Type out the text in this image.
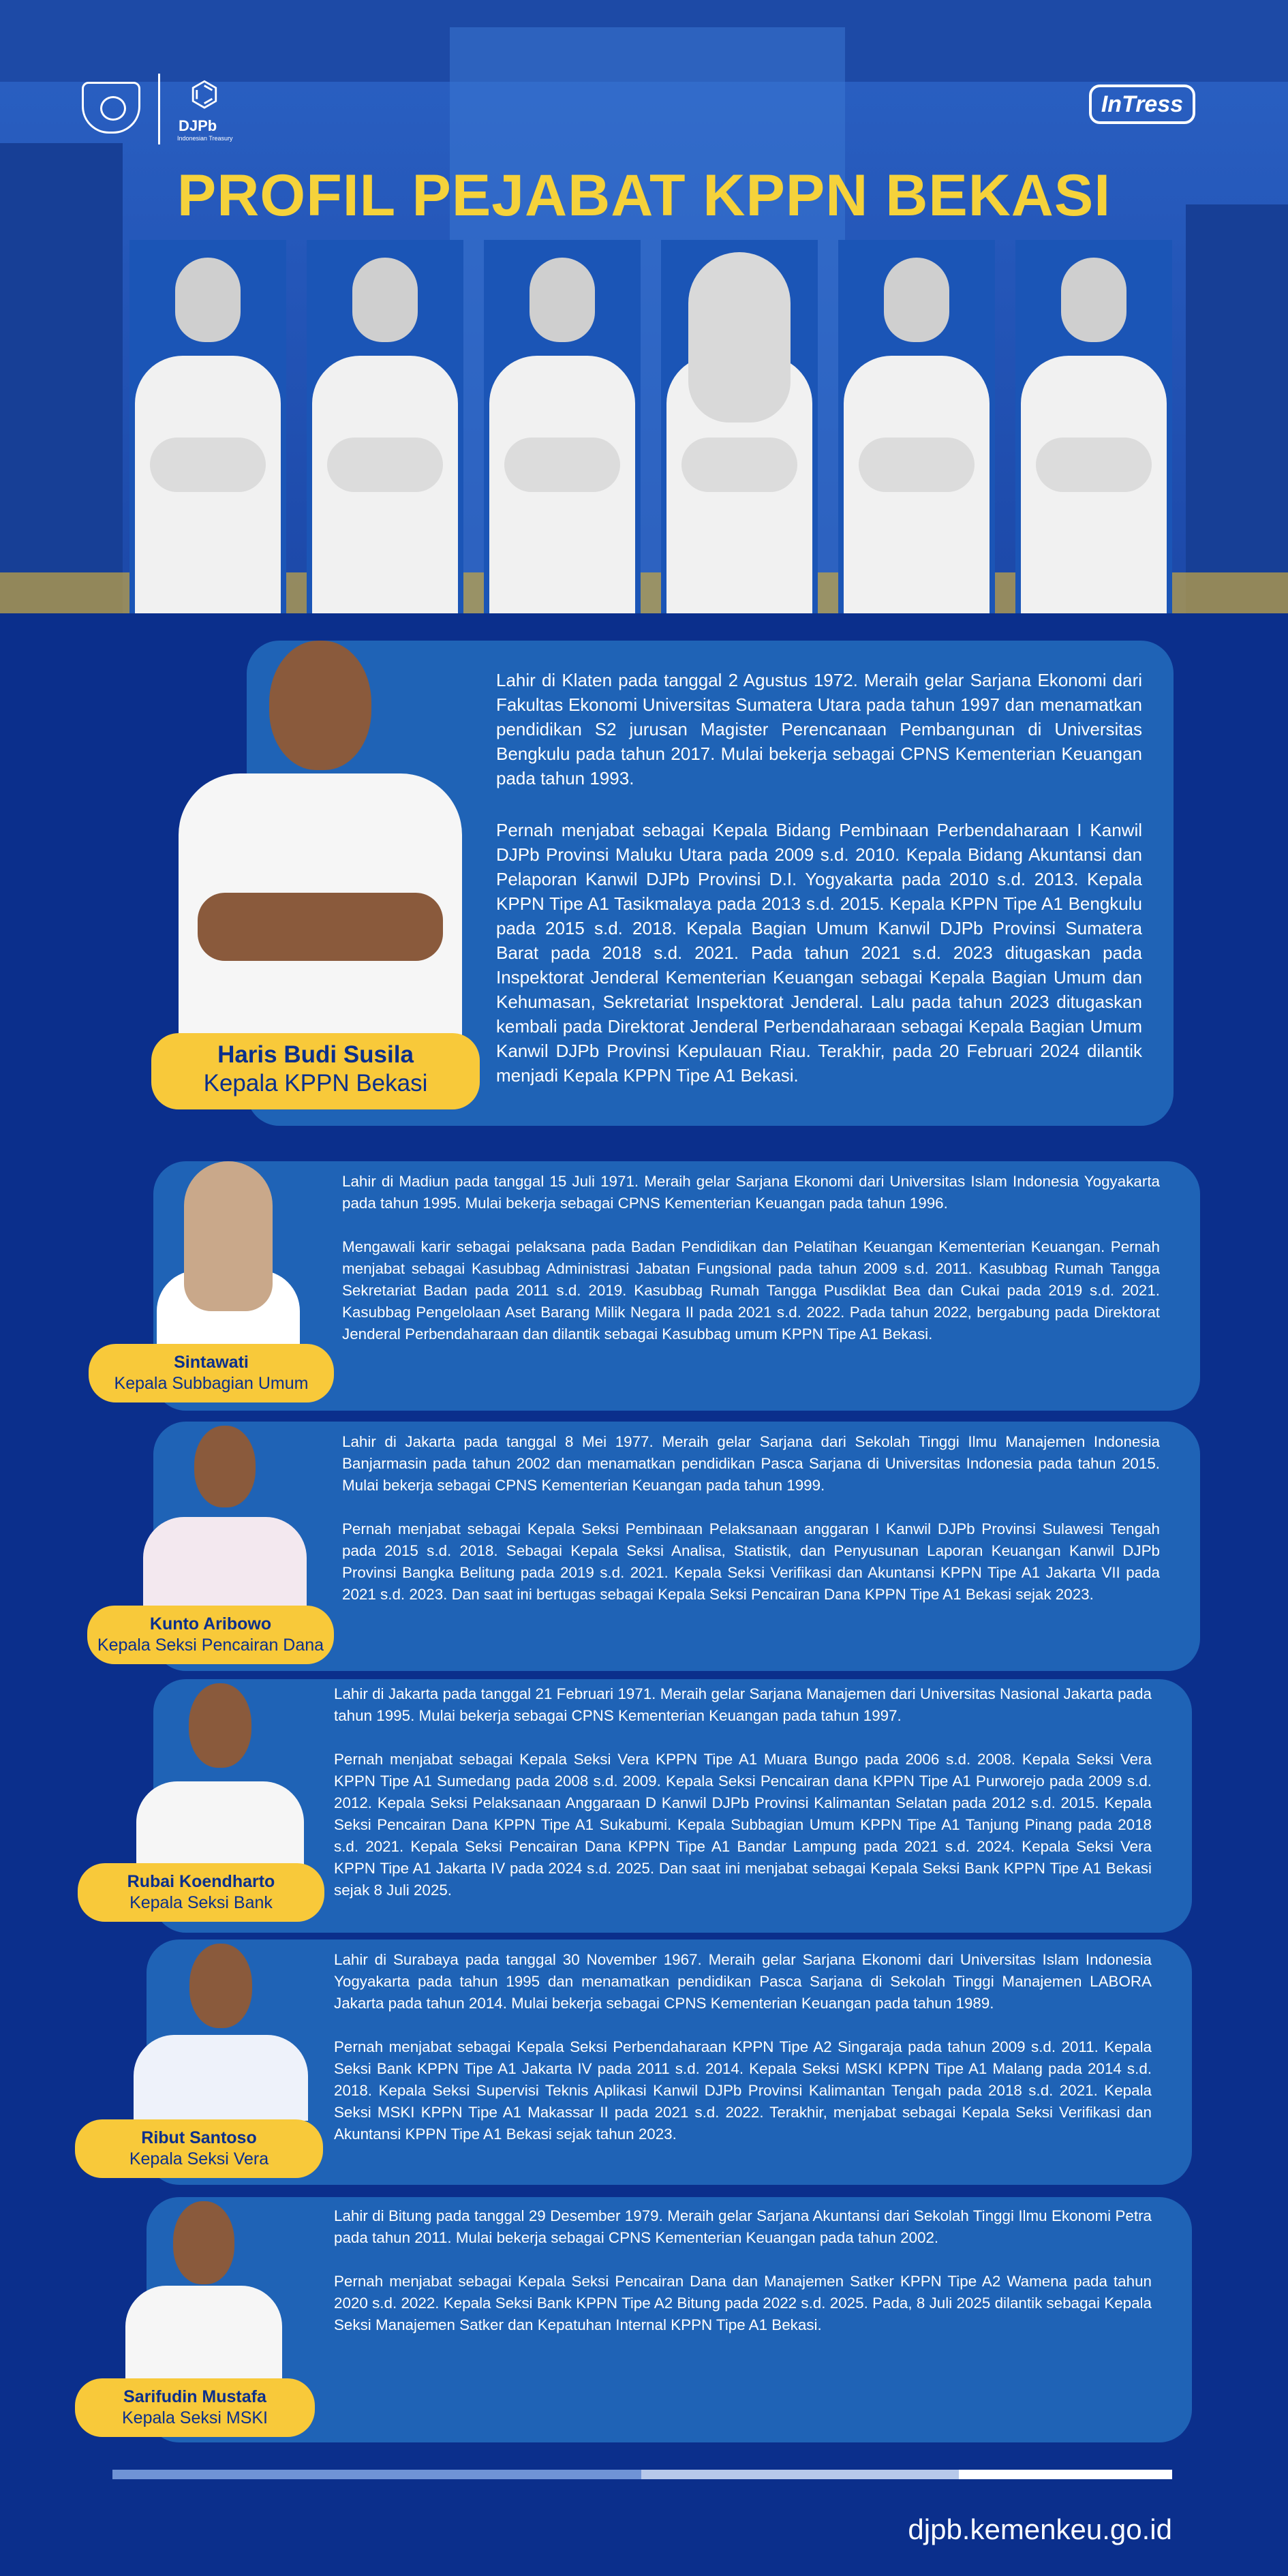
⌬
DJPb
Indonesian Treasury
InTress
PROFIL PEJABAT KPPN BEKASI
Haris Budi Susila
Kepala KPPN Bekasi

Lahir di Klaten pada tanggal 2 Agustus 1972. Meraih gelar Sarjana Ekonomi dari Fakultas Ekonomi Universitas Sumatera Utara pada tahun 1997 dan menamatkan pendidikan S2 jurusan Magister Perencanaan Pembangunan di Universitas Bengkulu pada tahun 2017. Mulai bekerja sebagai CPNS Kementerian Keuangan pada tahun 1993.

Pernah menjabat sebagai Kepala Bidang Pembinaan Perbendaharaan I Kanwil DJPb Provinsi Maluku Utara pada 2009 s.d. 2010. Kepala Bidang Akuntansi dan Pelaporan Kanwil DJPb Provinsi D.I. Yogyakarta pada 2010 s.d. 2013. Kepala KPPN Tipe A1 Tasikmalaya pada 2013 s.d. 2015. Kepala KPPN Tipe A1 Bengkulu pada 2015 s.d. 2018. Kepala Bagian Umum Kanwil DJPb Provinsi Sumatera Barat pada 2018 s.d. 2021. Pada tahun 2021 s.d. 2023 ditugaskan pada Inspektorat Jenderal Kementerian Keuangan sebagai Kepala Bagian Umum dan Kehumasan, Sekretariat Inspektorat Jenderal. Lalu pada tahun 2023 ditugaskan kembali pada Direktorat Jenderal Perbendaharaan sebagai Kepala Bagian Umum Kanwil DJPb Provinsi Kepulauan Riau. Terakhir, pada 20 Februari 2024 dilantik menjadi Kepala KPPN Tipe A1 Bekasi.

Sintawati
Kepala Subbagian Umum

Lahir di Madiun pada tanggal 15 Juli 1971. Meraih gelar Sarjana Ekonomi dari Universitas Islam Indonesia Yogyakarta pada tahun 1995. Mulai bekerja sebagai CPNS Kementerian Keuangan pada tahun 1996.

Mengawali karir sebagai pelaksana pada Badan Pendidikan dan Pelatihan Keuangan Kementerian Keuangan. Pernah menjabat sebagai Kasubbag Administrasi Jabatan Fungsional pada tahun 2009 s.d. 2011. Kasubbag Rumah Tangga Sekretariat Badan pada 2011 s.d. 2019. Kasubbag Rumah Tangga Pusdiklat Bea dan Cukai pada 2019 s.d. 2021. Kasubbag Pengelolaan Aset Barang Milik Negara II pada 2021 s.d. 2022. Pada tahun 2022, bergabung pada Direktorat Jenderal Perbendaharaan dan dilantik sebagai Kasubbag umum KPPN Tipe A1 Bekasi.

Kunto Aribowo
Kepala Seksi Pencairan Dana

Lahir di Jakarta pada tanggal 8 Mei 1977. Meraih gelar Sarjana dari Sekolah Tinggi Ilmu Manajemen Indonesia Banjarmasin pada tahun 2002 dan menamatkan pendidikan Pasca Sarjana di Universitas Indonesia pada tahun 2015. Mulai bekerja sebagai CPNS Kementerian Keuangan pada tahun 1999.

Pernah menjabat sebagai Kepala Seksi Pembinaan Pelaksanaan anggaran I Kanwil DJPb Provinsi Sulawesi Tengah pada 2015 s.d. 2018. Sebagai Kepala Seksi Analisa, Statistik, dan Penyusunan Laporan Keuangan Kanwil DJPb Provinsi Bangka Belitung pada 2019 s.d. 2021. Kepala Seksi Verifikasi dan Akuntansi KPPN Tipe A1 Jakarta VII pada 2021 s.d. 2023. Dan saat ini bertugas sebagai Kepala Seksi Pencairan Dana KPPN Tipe A1 Bekasi sejak 2023.

Rubai Koendharto
Kepala Seksi Bank

Lahir di Jakarta pada tanggal 21 Februari 1971. Meraih gelar Sarjana Manajemen dari Universitas Nasional Jakarta pada tahun 1995. Mulai bekerja sebagai CPNS Kementerian Keuangan pada tahun 1997.

Pernah menjabat sebagai Kepala Seksi Vera KPPN Tipe A1 Muara Bungo pada 2006 s.d. 2008. Kepala Seksi Vera KPPN Tipe A1 Sumedang pada 2008 s.d. 2009. Kepala Seksi Pencairan dana KPPN Tipe A1 Purworejo pada 2009 s.d. 2012. Kepala Seksi Pelaksanaan Anggaraan D Kanwil DJPb Provinsi Kalimantan Selatan pada 2012 s.d. 2015. Kepala Seksi Pencairan Dana KPPN Tipe A1 Sukabumi. Kepala Subbagian Umum KPPN Tipe A1 Tanjung Pinang pada 2018 s.d. 2021. Kepala Seksi Pencairan Dana KPPN Tipe A1 Bandar Lampung pada 2021 s.d. 2024. Kepala Seksi Vera KPPN Tipe A1 Jakarta IV pada 2024 s.d. 2025. Dan saat ini menjabat sebagai Kepala Seksi Bank KPPN Tipe A1 Bekasi sejak 8 Juli 2025.

Ribut Santoso
Kepala Seksi Vera

Lahir di Surabaya pada tanggal 30 November 1967. Meraih gelar Sarjana Ekonomi dari Universitas Islam Indonesia Yogyakarta pada tahun 1995 dan menamatkan pendidikan Pasca Sarjana di Sekolah Tinggi Manajemen LABORA Jakarta pada tahun 2014. Mulai bekerja sebagai CPNS Kementerian Keuangan pada tahun 1989.

Pernah menjabat sebagai Kepala Seksi Perbendaharaan KPPN Tipe A2 Singaraja pada tahun 2009 s.d. 2011. Kepala Seksi Bank KPPN Tipe A1 Jakarta IV pada 2011 s.d. 2014. Kepala Seksi MSKI KPPN Tipe A1 Malang pada 2014 s.d. 2018. Kepala Seksi Supervisi Teknis Aplikasi Kanwil DJPb Provinsi Kalimantan Tengah pada 2018 s.d. 2021. Kepala Seksi MSKI KPPN Tipe A1 Makassar II pada 2021 s.d. 2022. Terakhir, menjabat sebagai Kepala Seksi Verifikasi dan Akuntansi KPPN Tipe A1 Bekasi sejak tahun 2023.

Sarifudin Mustafa
Kepala Seksi MSKI

Lahir di Bitung pada tanggal 29 Desember 1979. Meraih gelar Sarjana Akuntansi dari Sekolah Tinggi Ilmu Ekonomi Petra pada tahun 2011. Mulai bekerja sebagai CPNS Kementerian Keuangan pada tahun 2002.

Pernah menjabat sebagai Kepala Seksi Pencairan Dana dan Manajemen Satker KPPN Tipe A2 Wamena pada tahun 2020 s.d. 2022. Kepala Seksi Bank KPPN Tipe A2 Bitung pada 2022 s.d. 2025. Pada, 8 Juli 2025 dilantik sebagai Kepala Seksi Manajemen Satker dan Kepatuhan Internal KPPN Tipe A1 Bekasi.

djpb.kemenkeu.go.id
